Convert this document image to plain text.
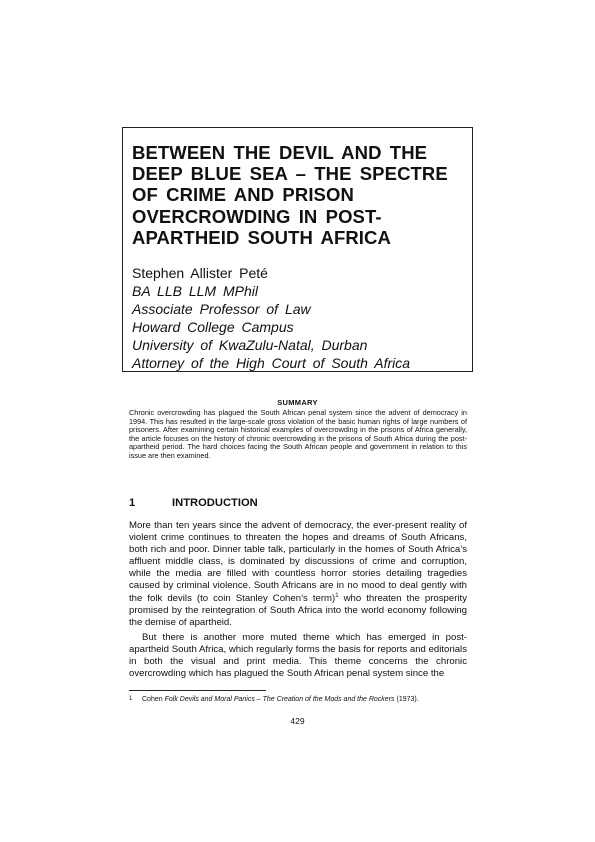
BETWEEN THE DEVIL AND THE
DEEP BLUE SEA – THE SPECTRE
OF CRIME AND PRISON
OVERCROWDING IN POST-
APARTHEID SOUTH AFRICA
Stephen Allister Peté
BA LLB LLM MPhil
Associate Professor of Law
Howard College Campus
University of KwaZulu-Natal, Durban
Attorney of the High Court of South Africa
SUMMARY
Chronic overcrowding has plagued the South African penal system since the advent of democracy in 1994. This has resulted in the large-scale gross violation of the basic human rights of large numbers of prisoners. After examining certain historical examples of overcrowding in the prisons of Africa generally, the article focuses on the history of chronic overcrowding in the prisons of South Africa during the post-apartheid period. The hard choices facing the South African people and government in relation to this issue are then examined.
1	INTRODUCTION
More than ten years since the advent of democracy, the ever-present reality of violent crime continues to threaten the hopes and dreams of South Africans, both rich and poor. Dinner table talk, particularly in the homes of South Africa’s affluent middle class, is dominated by discussions of crime and corruption, while the media are filled with countless horror stories detailing tragedies caused by criminal violence. South Africans are in no mood to deal gently with the folk devils (to coin Stanley Cohen’s term)$^1$ who threaten the prosperity promised by the reintegration of South Africa into the world economy following the demise of apartheid.
But there is another more muted theme which has emerged in post-apartheid South Africa, which regularly forms the basis for reports and editorials in both the visual and print media. This theme concerns the chronic overcrowding which has plagued the South African penal system since the
1 Cohen Folk Devils and Moral Panics – The Creation of the Mods and the Rockers (1973).
429
